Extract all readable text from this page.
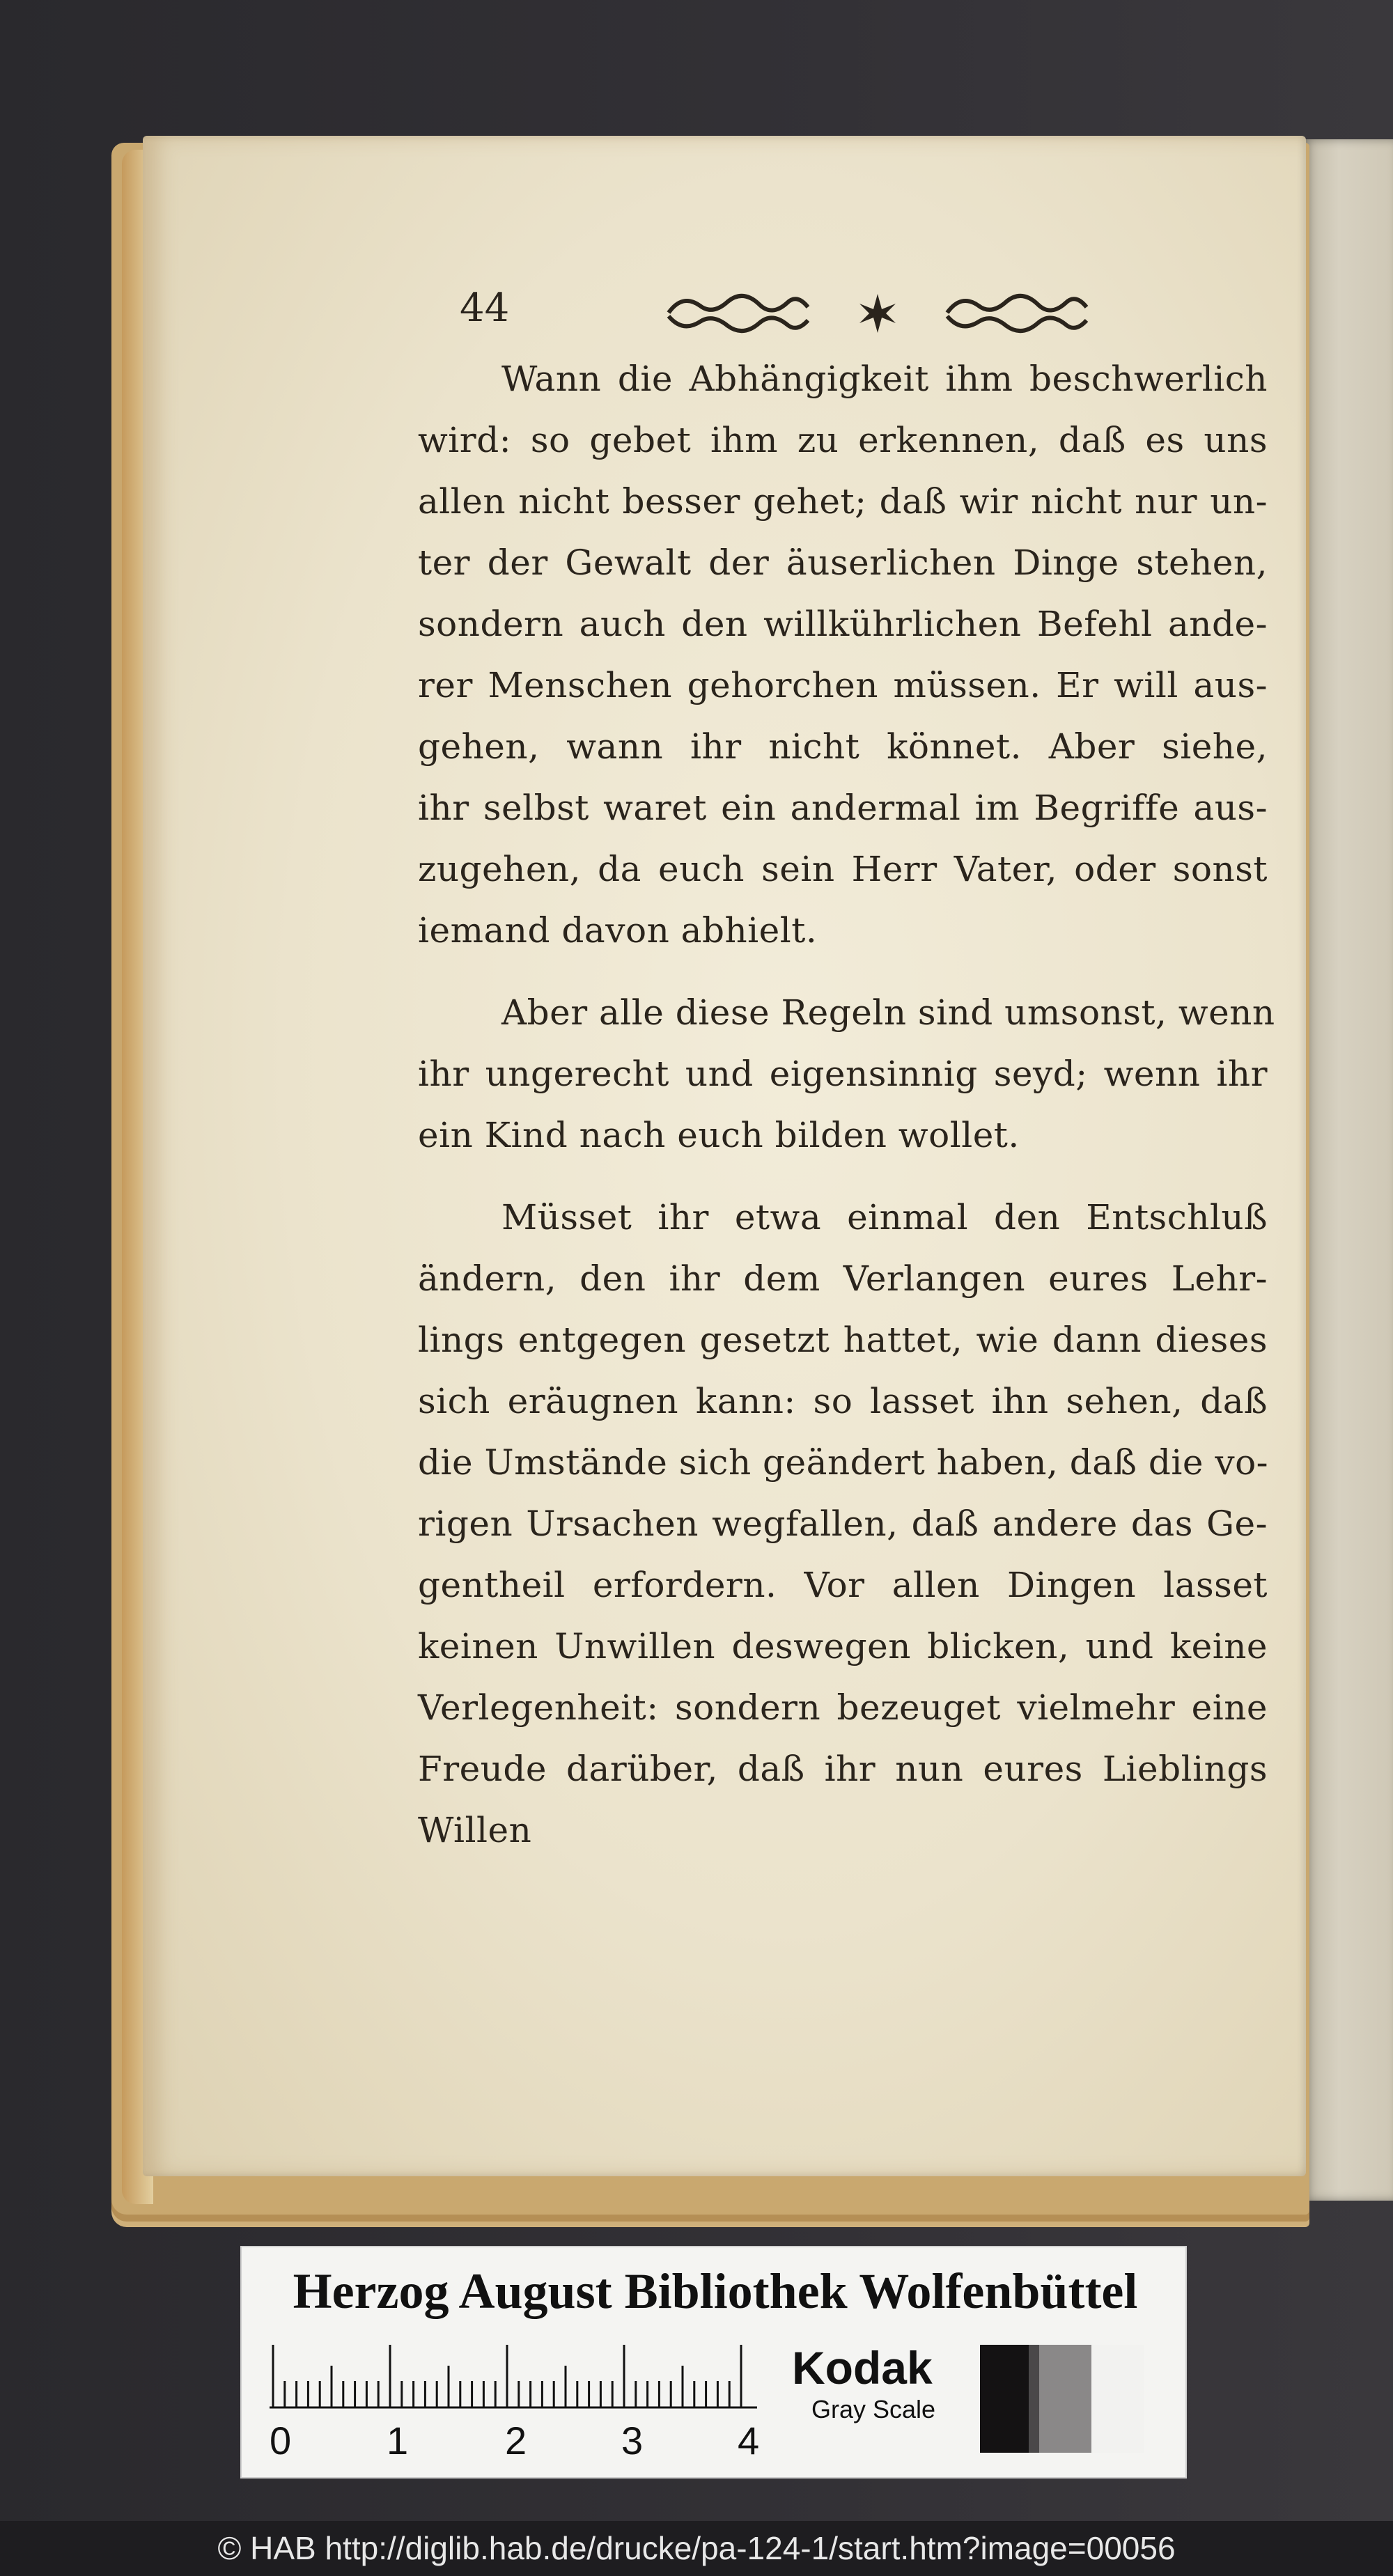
44
Wann die Abhängigkeit ihm beschwerlich
wird: so gebet ihm zu erkennen, daß es uns
allen nicht besser gehet; daß wir nicht nur un-
ter der Gewalt der äuserlichen Dinge stehen,
sondern auch den willkührlichen Befehl ande-
rer Menschen gehorchen müssen. Er will aus-
gehen, wann ihr nicht könnet. Aber siehe,
ihr selbst waret ein andermal im Begriffe aus-
zugehen, da euch sein Herr Vater, oder sonst
iemand davon abhielt.
Aber alle diese Regeln sind umsonst, wenn
ihr ungerecht und eigensinnig seyd; wenn ihr
ein Kind nach euch bilden wollet.
Müsset ihr etwa einmal den Entschluß
ändern, den ihr dem Verlangen eures Lehr-
lings entgegen gesetzt hattet, wie dann dieses
sich eräugnen kann: so lasset ihn sehen, daß
die Umstände sich geändert haben, daß die vo-
rigen Ursachen wegfallen, daß andere das Ge-
gentheil erfordern. Vor allen Dingen lasset
keinen Unwillen deswegen blicken, und keine
Verlegenheit: sondern bezeuget vielmehr eine
Freude darüber, daß ihr nun eures Lieblings
Willen
Herzog August Bibliothek Wolfenbüttel
0 1 2 3 4
Kodak
Gray Scale
© HAB http://diglib.hab.de/drucke/pa-124-1/start.htm?image=00056
